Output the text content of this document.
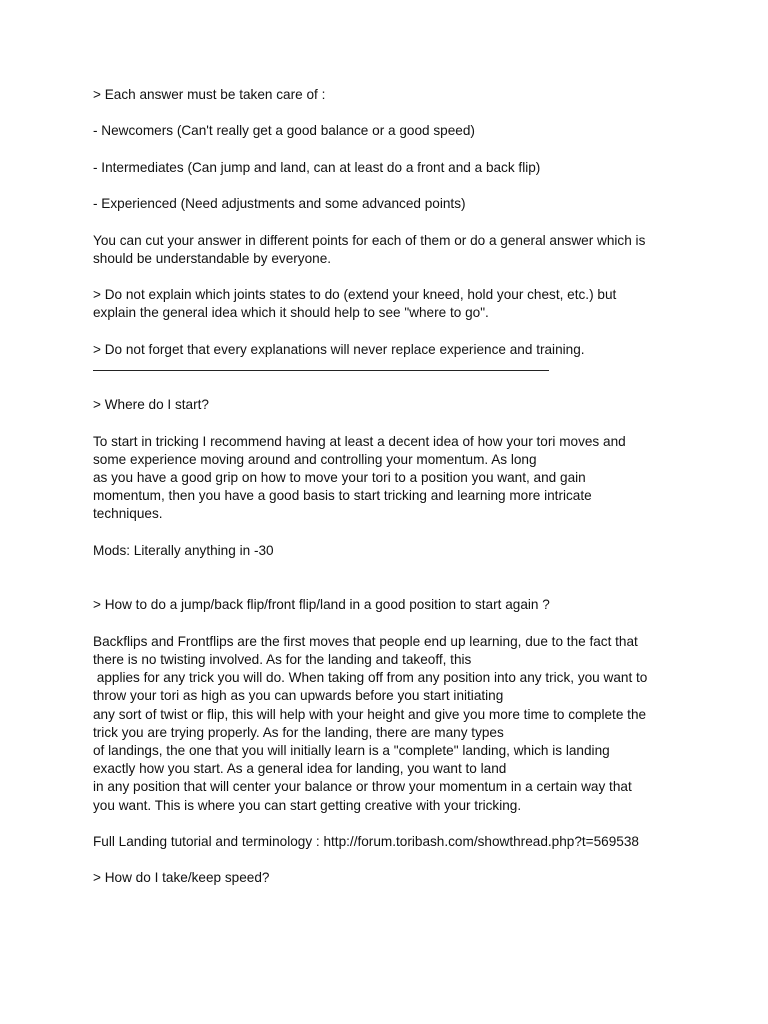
> Each answer must be taken care of :
- Newcomers (Can't really get a good balance or a good speed)
- Intermediates (Can jump and land, can at least do a front and a back flip)
- Experienced (Need adjustments and some advanced points)
You can cut your answer in different points for each of them or do a general answer which is
should be understandable by everyone.
> Do not explain which joints states to do (extend your kneed, hold your chest, etc.) but
explain the general idea which it should help to see "where to go".
> Do not forget that every explanations will never replace experience and training.
> Where do I start?
To start in tricking I recommend having at least a decent idea of how your tori moves and
some experience moving around and controlling your momentum. As long
as you have a good grip on how to move your tori to a position you want, and gain
momentum, then you have a good basis to start tricking and learning more intricate
techniques.
Mods: Literally anything in -30
> How to do a jump/back flip/front flip/land in a good position to start again ?
Backflips and Frontflips are the first moves that people end up learning, due to the fact that
there is no twisting involved. As for the landing and takeoff, this
applies for any trick you will do. When taking off from any position into any trick, you want to
throw your tori as high as you can upwards before you start initiating
any sort of twist or flip, this will help with your height and give you more time to complete the
trick you are trying properly. As for the landing, there are many types
of landings, the one that you will initially learn is a "complete" landing, which is landing
exactly how you start. As a general idea for landing, you want to land
in any position that will center your balance or throw your momentum in a certain way that
you want. This is where you can start getting creative with your tricking.
Full Landing tutorial and terminology : http://forum.toribash.com/showthread.php?t=569538
> How do I take/keep speed?
